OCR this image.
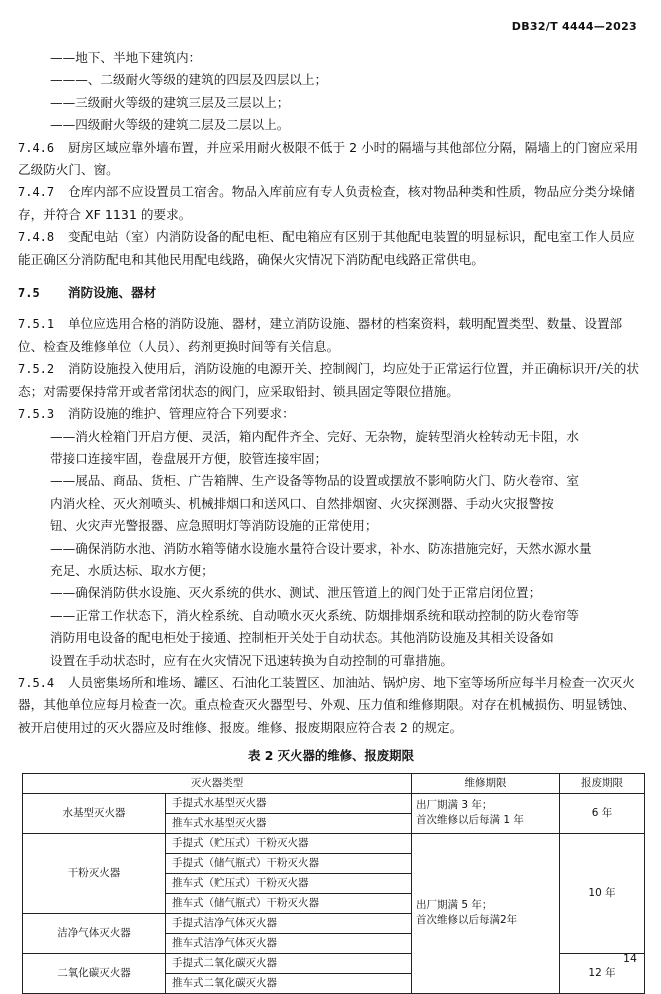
DB32/T 4444—2023
——地下、半地下建筑内：
———、二级耐火等级的建筑的四层及四层以上；
——三级耐火等级的建筑三层及三层以上；
——四级耐火等级的建筑二层及二层以上。
7.4.6 厨房区域应靠外墙布置，并应采用耐火极限不低于 2 小时的隔墙与其他部位分隔，隔墙上的门窗应采用乙级防火门、窗。
7.4.7 仓库内部不应设置员工宿舍。物品入库前应有专人负责检查，核对物品种类和性质，物品应分类分垛储存，并符合 XF 1131 的要求。
7.4.8 变配电站（室）内消防设备的配电柜、配电箱应有区别于其他配电装置的明显标识，配电室工作人员应能正确区分消防配电和其他民用配电线路，确保火灾情况下消防配电线路正常供电。
7.5 消防设施、器材
7.5.1 单位应选用合格的消防设施、器材，建立消防设施、器材的档案资料，载明配置类型、数量、设置部位、检查及维修单位（人员）、药剂更换时间等有关信息。
7.5.2 消防设施投入使用后，消防设施的电源开关、控制阀门，均应处于正常运行位置，并正确标识开/关的状态；对需要保持常开或者常闭状态的阀门，应采取铅封、锁具固定等限位措施。
7.5.3 消防设施的维护、管理应符合下列要求：
——消火栓箱门开启方便、灵活，箱内配件齐全、完好、无杂物，旋转型消火栓转动无卡阻，水
带接口连接牢固，卷盘展开方便，胶管连接牢固；
——展品、商品、货柜、广告箱牌、生产设备等物品的设置或摆放不影响防火门、防火卷帘、室
内消火栓、灭火剂喷头、机械排烟口和送风口、自然排烟窗、火灾探测器、手动火灾报警按
钮、火灾声光警报器、应急照明灯等消防设施的正常使用；
——确保消防水池、消防水箱等储水设施水量符合设计要求，补水、防冻措施完好，天然水源水量
充足、水质达标、取水方便；
——确保消防供水设施、灭火系统的供水、测试、泄压管道上的阀门处于正常启闭位置；
——正常工作状态下，消火栓系统、自动喷水灭火系统、防烟排烟系统和联动控制的防火卷帘等
消防用电设备的配电柜处于接通、控制柜开关处于自动状态。其他消防设施及其相关设备如
设置在手动状态时，应有在火灾情况下迅速转换为自动控制的可靠措施。
7.5.4 人员密集场所和堆场、罐区、石油化工装置区、加油站、锅炉房、地下室等场所应每半月检查一次灭火器，其他单位应每月检查一次。重点检查灭火器型号、外观、压力值和维修期限。对存在机械损伤、明显锈蚀、被开启使用过的灭火器应及时维修、报废。维修、报废期限应符合表 2 的规定。
表 2 灭火器的维修、报废期限
灭火器类型		维修期限	报废期限
水基型灭火器	手提式水基型灭火器	出厂期满 3 年；
首次维修以后每满 1 年	6 年
	推车式水基型灭火器		
干粉灭火器	手提式（贮压式）干粉灭火器	出厂期满 5 年；
首次维修以后每满2年	10 年
	手提式（储气瓶式）干粉灭火器		
	推车式（贮压式）干粉灭火器		
	推车式（储气瓶式）干粉灭火器		
洁净气体灭火器	手提式洁净气体灭火器		
	推车式洁净气体灭火器		
二氧化碳灭火器	手提式二氧化碳灭火器		12 年
	推车式二氧化碳灭火器		
14
